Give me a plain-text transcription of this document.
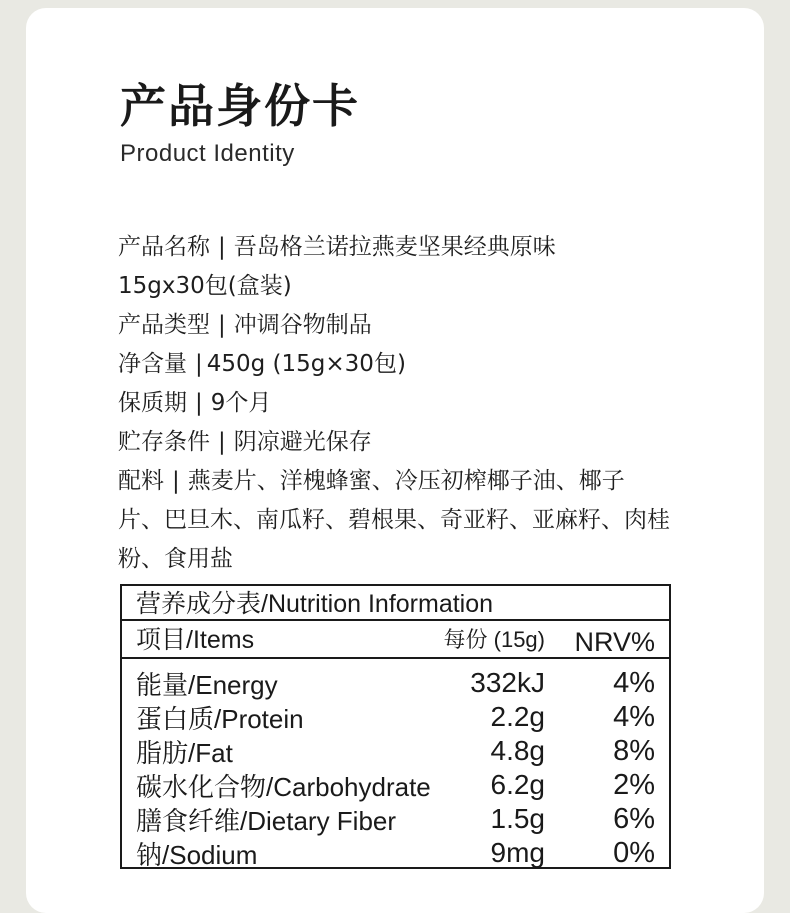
产品身份卡
Product Identity
产品名称 | 吾岛格兰诺拉燕麦坚果经典原味
15gx30包(盒装)
产品类型 | 冲调谷物制品
净含量 | 450g (15g×30包)
保质期 | 9个月
贮存条件 | 阴凉避光保存
配料 | 燕麦片、洋槐蜂蜜、冷压初榨椰子油、椰子
片、巴旦木、南瓜籽、碧根果、奇亚籽、亚麻籽、肉桂
粉、食用盐
营养成分表/Nutrition Information
项目/Items	每份 (15g) NRV%
能量/Energy	332kJ 4%
蛋白质/Protein	2.2g 4%
脂肪/Fat	4.8g 8%
碳水化合物/Carbohydrate 6.2g 2%
膳食纤维/Dietary Fiber	1.5g 6%
钠/Sodium	9mg 0%
